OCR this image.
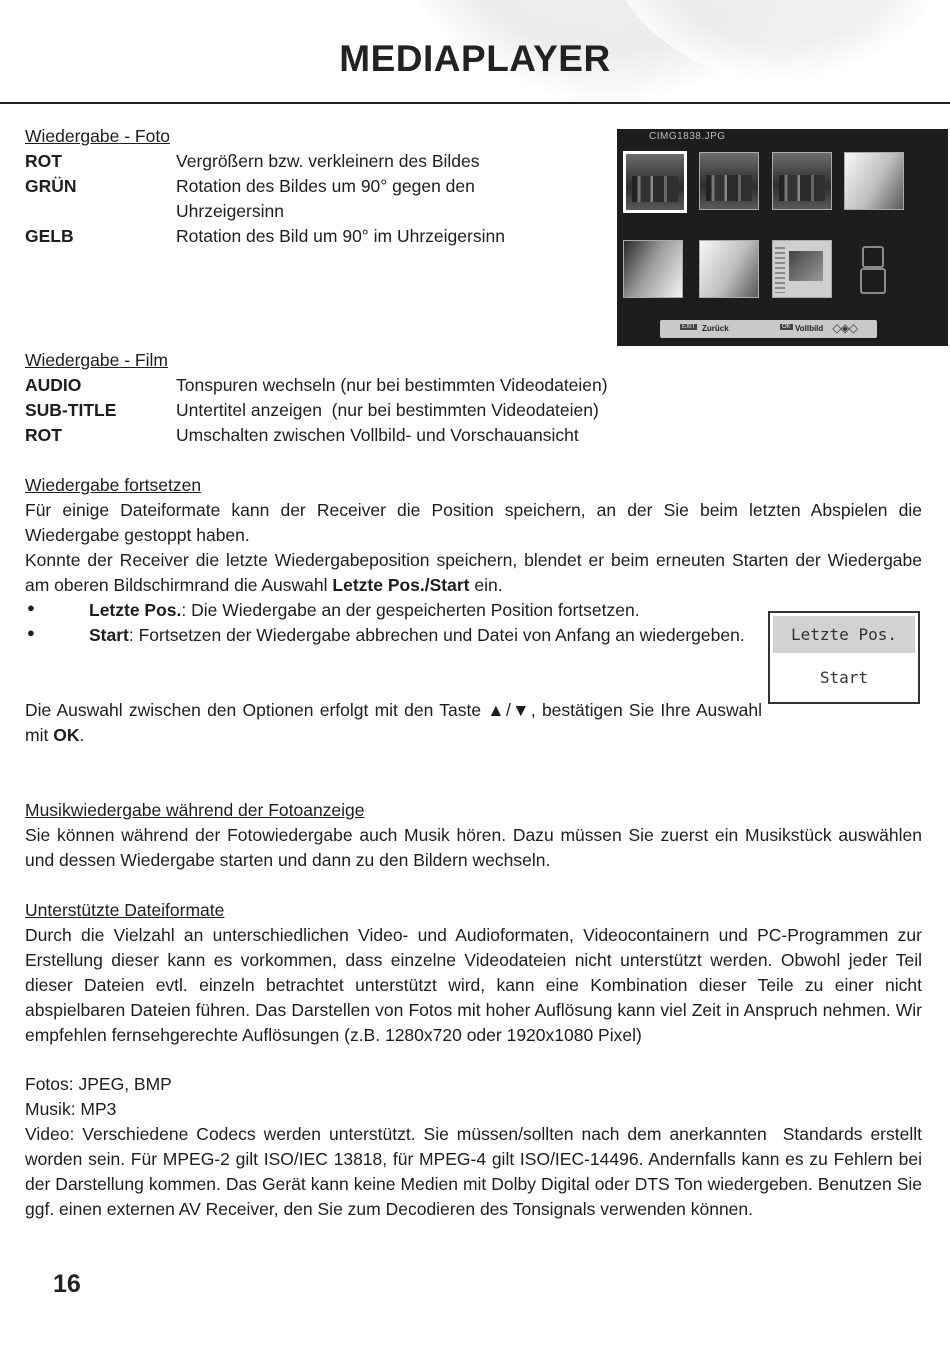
MEDIAPLAYER
Wiedergabe - Foto
ROT	Vergrößern bzw. verkleinern des Bildes
GRÜN	Rotation des Bildes um 90° gegen den Uhrzeigersinn
GELB	Rotation des Bild um 90° im Uhrzeigersinn
CIMG1838.JPG
EXIT Zurück	OK Vollbild ◇◈◇
Wiedergabe - Film
AUDIO	Tonspuren wechseln (nur bei bestimmten Videodateien)
SUB-TITLE	Untertitel anzeigen  (nur bei bestimmten Videodateien)
ROT	Umschalten zwischen Vollbild- und Vorschauansicht
Wiedergabe fortsetzen
Für einige Dateiformate kann der Receiver die Position speichern, an der Sie beim letzten Abspielen die Wiedergabe gestoppt haben.
Konnte der Receiver die letzte Wiedergabeposition speichern, blendet er beim erneuten Starten der Wiedergabe am oberen Bildschirmrand die Auswahl Letzte Pos./Start ein.
●	Letzte Pos.: Die Wiedergabe an der gespeicherten Position fortsetzen.
●	Start: Fortsetzen der Wiedergabe abbrechen und Datei von Anfang an wiedergeben.	Letzte Pos.
Start
Die Auswahl zwischen den Optionen erfolgt mit den Taste ▲/▼, bestätigen Sie Ihre Auswahl mit OK.
Musikwiedergabe während der Fotoanzeige
Sie können während der Fotowiedergabe auch Musik hören. Dazu müssen Sie zuerst ein Musikstück auswählen und dessen Wiedergabe starten und dann zu den Bildern wechseln.
Unterstützte Dateiformate
Durch die Vielzahl an unterschiedlichen Video- und Audioformaten, Videocontainern und PC-Programmen zur Erstellung dieser kann es vorkommen, dass einzelne Videodateien nicht unterstützt werden. Obwohl jeder Teil dieser Dateien evtl. einzeln betrachtet unterstützt wird, kann eine Kombination dieser Teile zu einer nicht abspielbaren Dateien führen. Das Darstellen von Fotos mit hoher Auflösung kann viel Zeit in Anspruch nehmen. Wir empfehlen fernsehgerechte Auflösungen (z.B. 1280x720 oder 1920x1080 Pixel)
Fotos: JPEG, BMP
Musik: MP3
Video: Verschiedene Codecs werden unterstützt. Sie müssen/sollten nach dem anerkannten  Standards erstellt worden sein. Für MPEG-2 gilt ISO/IEC 13818, für MPEG-4 gilt ISO/IEC-14496. Andernfalls kann es zu Fehlern bei der Darstellung kommen. Das Gerät kann keine Medien mit Dolby Digital oder DTS Ton wiedergeben. Benutzen Sie ggf. einen externen AV Receiver, den Sie zum Decodieren des Tonsignals verwenden können.
16
